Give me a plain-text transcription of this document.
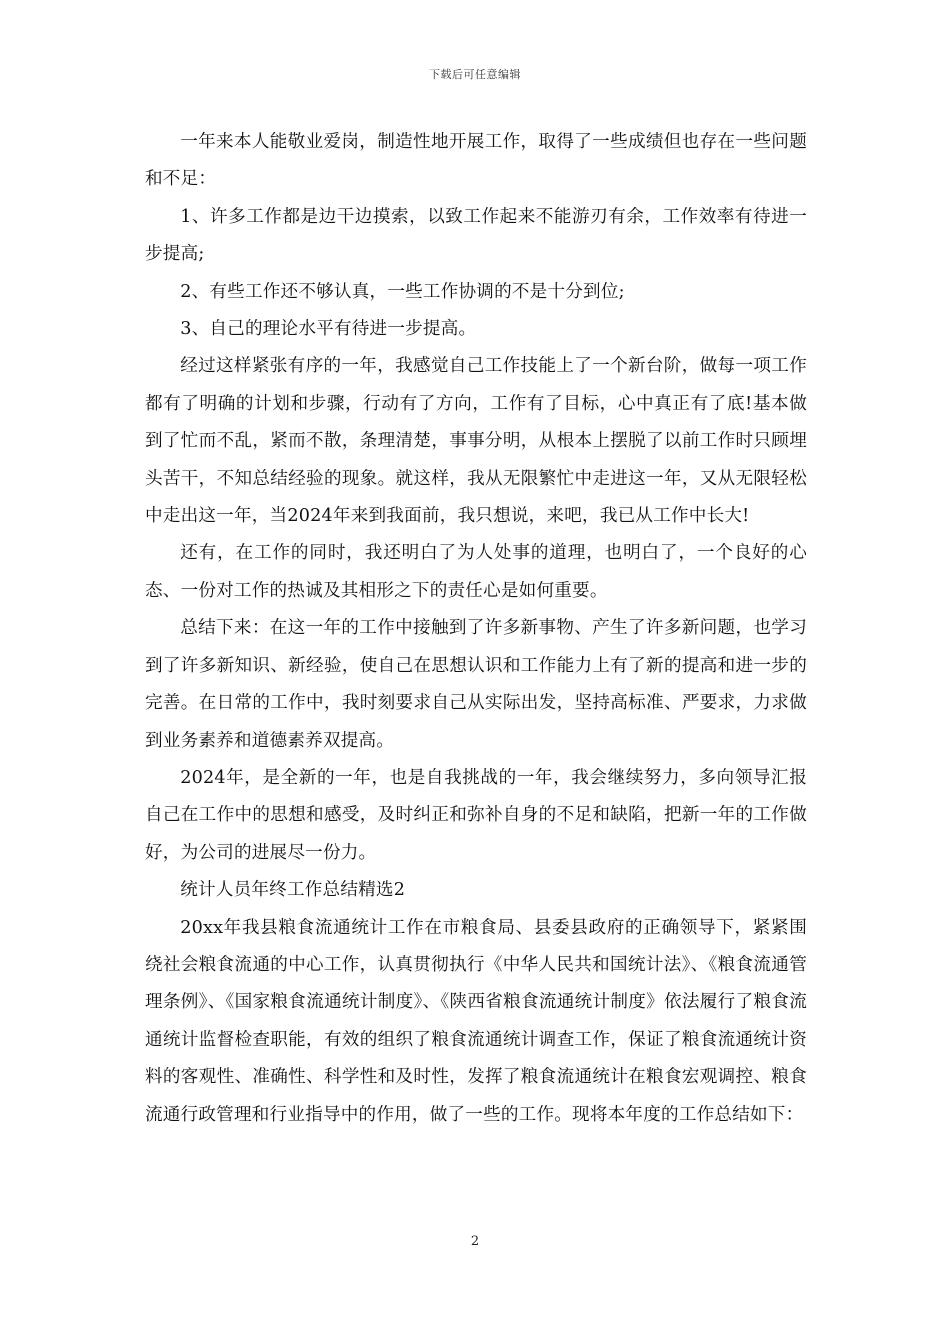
下载后可任意编辑

一年来本人能敬业爱岗，制造性地开展工作，取得了一些成绩但也存在一些问题和不足：

1、许多工作都是边干边摸索，以致工作起来不能游刃有余，工作效率有待进一步提高;

2、有些工作还不够认真，一些工作协调的不是十分到位;

3、自己的理论水平有待进一步提高。

经过这样紧张有序的一年，我感觉自己工作技能上了一个新台阶，做每一项工作都有了明确的计划和步骤，行动有了方向，工作有了目标，心中真正有了底!基本做到了忙而不乱，紧而不散，条理清楚，事事分明，从根本上摆脱了以前工作时只顾埋头苦干，不知总结经验的现象。就这样，我从无限繁忙中走进这一年，又从无限轻松中走出这一年，当2024年来到我面前，我只想说，来吧，我已从工作中长大!

还有，在工作的同时，我还明白了为人处事的道理，也明白了，一个良好的心态、一份对工作的热诚及其相形之下的责任心是如何重要。

总结下来：在这一年的工作中接触到了许多新事物、产生了许多新问题，也学习到了许多新知识、新经验，使自己在思想认识和工作能力上有了新的提高和进一步的完善。在日常的工作中，我时刻要求自己从实际出发，坚持高标准、严要求，力求做到业务素养和道德素养双提高。

2024年，是全新的一年，也是自我挑战的一年，我会继续努力，多向领导汇报自己在工作中的思想和感受，及时纠正和弥补自身的不足和缺陷，把新一年的工作做好，为公司的进展尽一份力。

统计人员年终工作总结精选2

20xx年我县粮食流通统计工作在市粮食局、县委县政府的正确领导下，紧紧围绕社会粮食流通的中心工作，认真贯彻执行《中华人民共和国统计法》、《粮食流通管理条例》、《国家粮食流通统计制度》、《陕西省粮食流通统计制度》依法履行了粮食流通统计监督检查职能，有效的组织了粮食流通统计调查工作，保证了粮食流通统计资料的客观性、准确性、科学性和及时性，发挥了粮食流通统计在粮食宏观调控、粮食流通行政管理和行业指导中的作用，做了一些的工作。现将本年度的工作总结如下：

2
